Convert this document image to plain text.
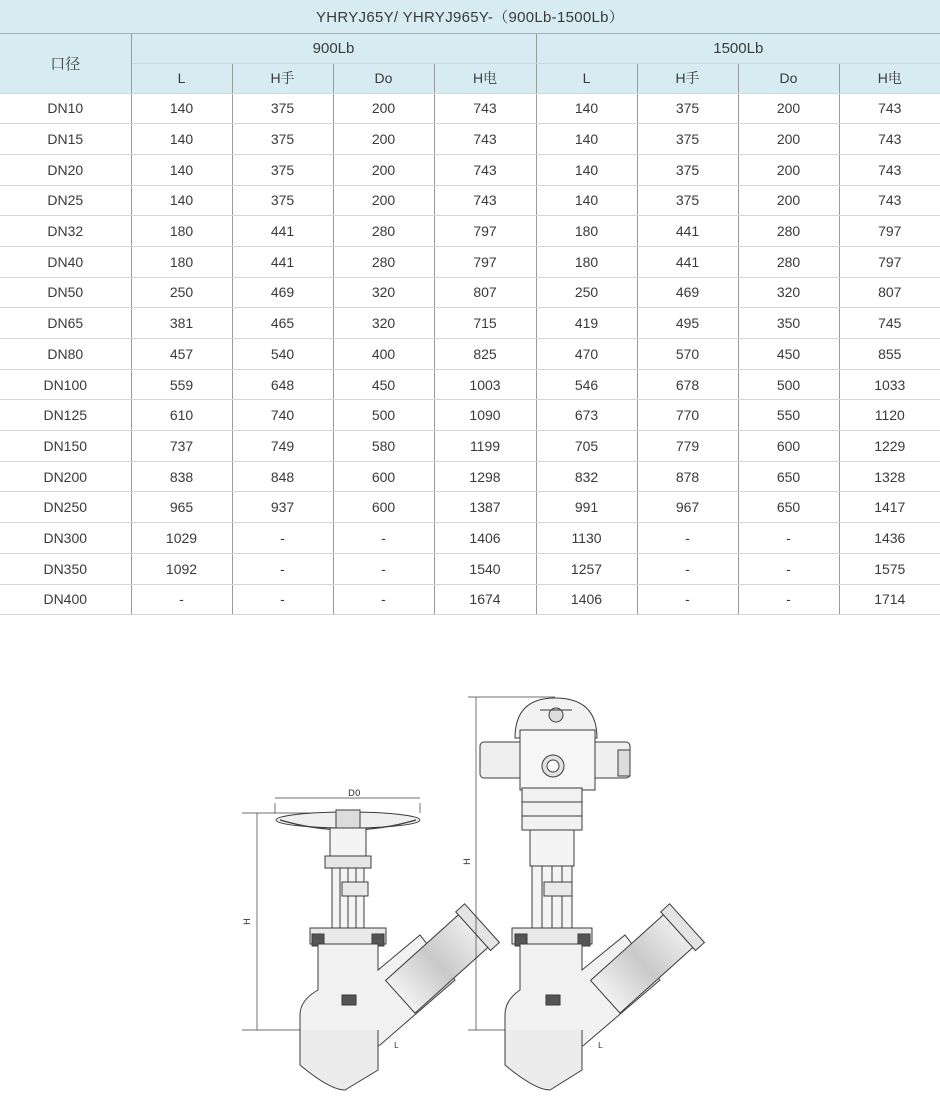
YHRYJ65Y/ YHRYJ965Y-（900Lb-1500Lb）								
口径	900Lb				1500Lb			
	L	H手	Do	H电	L	H手	Do	H电
DN10	140	375	200	743	140	375	200	743
DN15	140	375	200	743	140	375	200	743
DN20	140	375	200	743	140	375	200	743
DN25	140	375	200	743	140	375	200	743
DN32	180	441	280	797	180	441	280	797
DN40	180	441	280	797	180	441	280	797
DN50	250	469	320	807	250	469	320	807
DN65	381	465	320	715	419	495	350	745
DN80	457	540	400	825	470	570	450	855
DN100	559	648	450	1003	546	678	500	1033
DN125	610	740	500	1090	673	770	550	1120
DN150	737	749	580	1199	705	779	600	1229
DN200	838	848	600	1298	832	878	650	1328
DN250	965	937	600	1387	991	967	650	1417
DN300	1029	-	-	1406	1130	-	-	1436
DN350	1092	-	-	1540	1257	-	-	1575
DN400	-	-	-	1674	1406	-	-	1714
D0
H
L
H
L
